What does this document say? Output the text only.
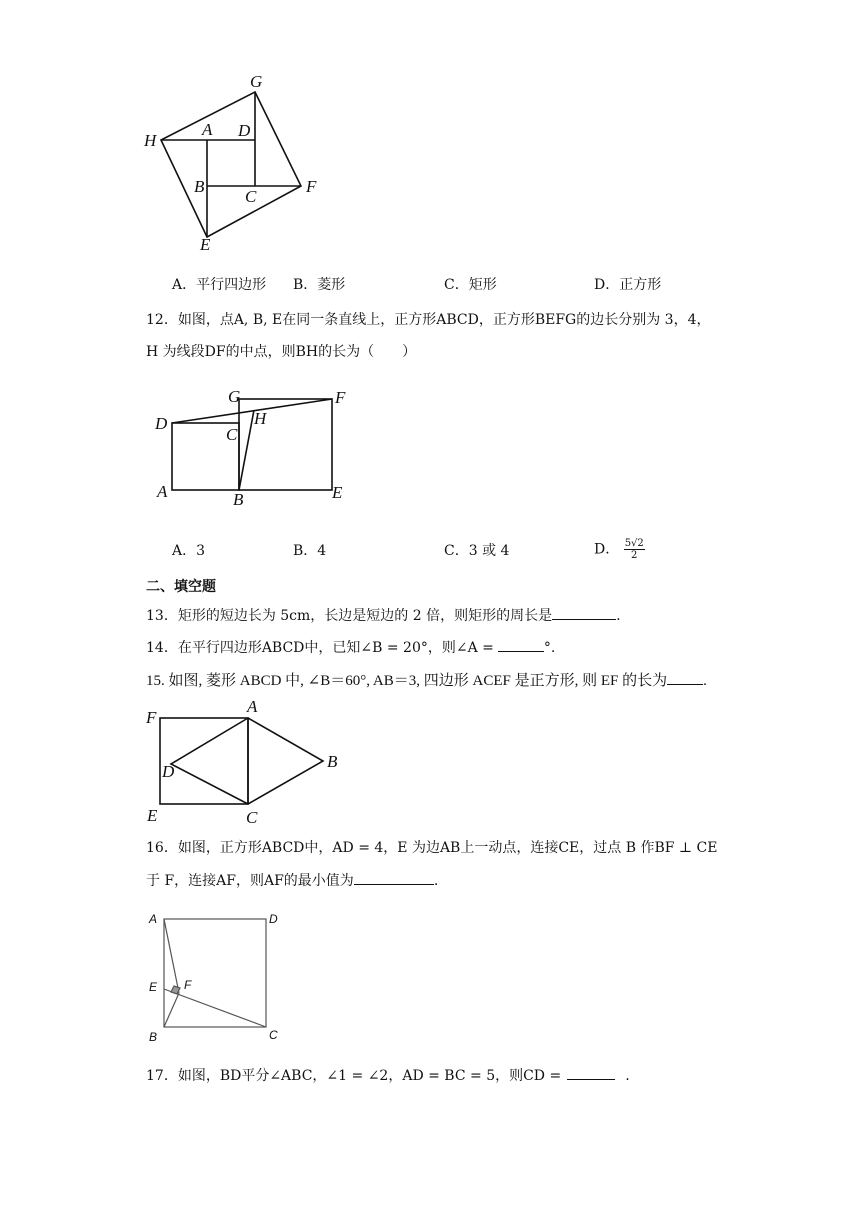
G
H
A D
B
C
F
E
A．平行四边形 B．菱形	C．矩形	D．正方形
12．如图，点A, B, E在同一条直线上，正方形ABCD，正方形BEFG的边长分别为 3，4，
H 为线段DF的中点，则BH的长为（　　）
G	F
D
C
H
A	B	E
A．3	B．4	C．3 或 4	D． $\frac{5√2}{2}$
二、填空题
13．矩形的短边长为 5cm，长边是短边的 2 倍，则矩形的周长是	.
14．在平行四边形ABCD中，已知∠B = 20°，则∠A =	°.
15. 如图, 菱形 ABCD 中, ∠B＝60°, AB＝3, 四边形 ACEF 是正方形, 则 EF 的长为 .
F
A
D
B
E	C
16．如图，正方形ABCD中，AD = 4，E 为边AB上一动点，连接CE，过点 B 作BF ⊥ CE
于 F，连接AF，则AF的最小值为	.
A	D
E F
B	C
17．如图，BD平分∠ABC，∠1 = ∠2，AD = BC = 5，则CD =	.
